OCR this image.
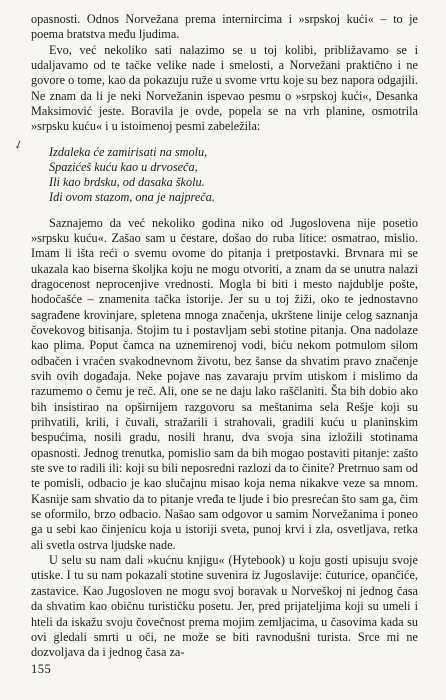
↙

opasnosti. Odnos Norvežana prema internircima i »srpskoj kući« – to je poema bratstva među ljudima.

Evo, već nekoliko sati nalazimo se u toj kolibi, približavamo se i udaljavamo od te tačke velike nade i smelosti, a Norvežani praktično i ne govore o tome, kao da pokazuju ruže u svome vrtu koje su bez napora odgajili. Ne znam da li je neki Norvežanin ispevao pesmu o »srpskoj kući«, Desanka Maksimović jeste. Boravila je ovde, popela se na vrh planine, osmotrila »srpsku kuću« i u istoimenoj pesmi zabeležila:

Izdaleka će zamirisati na smolu,
Spazićeš kuću kao u drvoseča,
Ili kao brdsku, od dasaka školu.
Idi ovom stazom, ona je najpreča.

Saznajemo da već nekoliko godina niko od Jugoslovena nije posetio »srpsku kuću«. Zašao sam u čestare, došao do ruba litice: osmatrao, mislio. Imam li išta reći o svemu ovome do pitanja i pretpostavki. Brvnara mi se ukazala kao biserna školjka koju ne mogu otvoriti, a znam da se unutra nalazi dragocenost neprocenjive vrednosti. Mogla bi biti i mesto najdublje pošte, hodočašće – znamenita tačka istorije. Jer su u toj žiži, oko te jednostavno sagrađene krovinjare, spletena mnoga značenja, ukrštene linije celog saznanja čovekovog bitisanja. Stojim tu i postavljam sebi stotine pitanja. Ona nadolaze kao plima. Poput čamca na uznemirenoj vodi, biću nekom potmulom silom odbačen i vraćen svakodnevnom životu, bez šanse da shvatim pravo značenje svih ovih događaja. Neke pojave nas zavaraju prvim utiskom i mislimo da razumemo o čemu je reč. Ali, one se ne daju lako raščlaniti. Šta bih dobio ako bih insistirao na opširnijem razgovoru sa meštanima sela Rešje koji su prihvatili, krili, i čuvali, stražarili i strahovali, gradili kuću u planinskim bespućima, nosili gradu, nosili hranu, dva svoja sina izložili stotinama opasnosti. Jednog trenutka, pomislio sam da bih mogao postaviti pitanje: zašto ste sve to radili ili: koji su bili neposredni razlozi da to činite? Pretrnuo sam od te pomisli, odbacio je kao slučajnu misao koja nema nikakve veze sa mnom. Kasnije sam shvatio da to pitanje vređa te ljude i bio presrećan što sam ga, čim se oformilo, brzo odbacio. Našao sam odgovor u samim Norvežanima i poneo ga u sebi kao činjenicu koja u istoriji sveta, punoj krvi i zla, osvetljava, retka ali svetla ostrva ljudske nade.

U selu su nam dali »kućnu knjigu« (Hytebook) u koju gosti upisuju svoje utiske. I tu su nam pokazali stotine suvenira iz Jugoslavije: čuturice, opančiće, zastavice. Kao Jugosloven ne mogu svoj boravak u Norveškoj ni jednog časa da shvatim kao običnu turističku posetu. Jer, pred prijateljima koji su umeli i hteli da iskažu svoju čovečnost prema mojim zemljacima, u časovima kada su ovi gledali smrti u oči, ne može se biti ravnodušni turista. Srce mi ne dozvoljava da i jednog časa za-

155
